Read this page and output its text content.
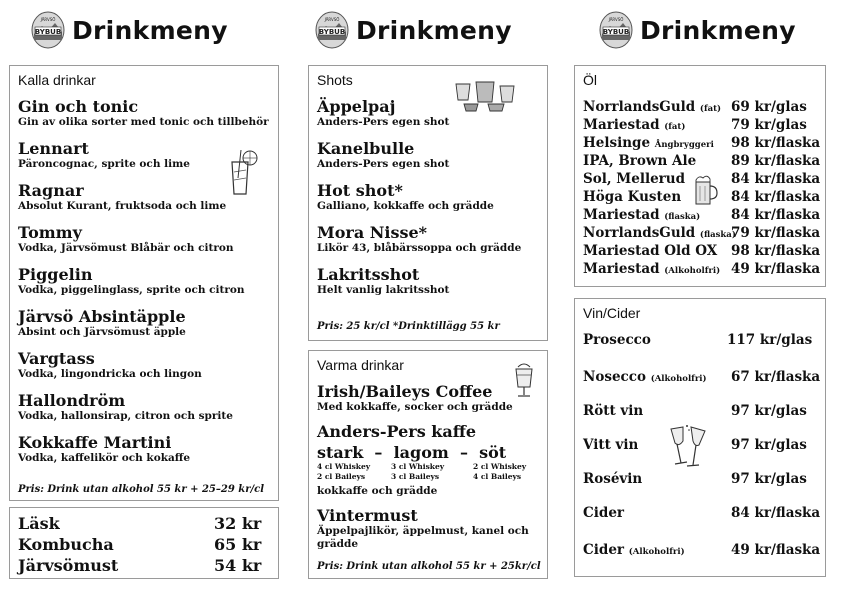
BYBUB
JÄRVSÖ Drinkmeny	BYBUB
JÄRVSÖ Drinkmeny	BYBUB
JÄRVSÖ Drinkmeny
Kalla drinkar
Gin och tonic
Gin av olika sorter med tonic och tillbehör
Lennart
Päroncognac, sprite och lime
Ragnar
Absolut Kurant, fruktsoda och lime
Tommy
Vodka, Järvsömust Blåbär och citron
Piggelin
Vodka, piggelinglass, sprite och citron
Järvsö Absintäpple
Absint och Järvsömust äpple
Vargtass
Vodka, lingondricka och lingon
Hallondröm
Vodka, hallonsirap, citron och sprite
Kokkaffe Martini
Vodka, kaffelikör och kokaffe
Pris: Drink utan alkohol 55 kr + 25–29 kr/cl
Läsk	32 kr
Kombucha	65 kr
Järvsömust	54 kr
Shots
Äppelpaj
Anders-Pers egen shot
Kanelbulle
Anders-Pers egen shot
Hot shot*
Galliano, kokkaffe och grädde
Mora Nisse*
Likör 43, blåbärssoppa och grädde
Lakritsshot
Helt vanlig lakritsshot
Pris: 25 kr/cl *Drinktillägg 55 kr
Varma drinkar
Irish/Baileys Coffee
Med kokkaffe, socker och grädde
Anders-Pers kaffe
stark  –  lagom  –  söt
4 cl Whiskey
2 cl Baileys
3 cl Whiskey
3 cl Baileys
2 cl Whiskey
4 cl Baileys
kokkaffe och grädde
Vintermust
Äppelpajlikör, äppelmust, kanel och
grädde
Pris: Drink utan alkohol 55 kr + 25kr/cl
Öl
NorrlandsGuld (fat) 69 kr/glas
Mariestad (fat)	79 kr/glas
Helsinge Ångbryggeri 98 kr/flaska
IPA, Brown Ale	89 kr/flaska
Sol, Mellerud	84 kr/flaska
Höga Kusten	84 kr/flaska
Mariestad (flaska) 84 kr/flaska
NorrlandsGuld (flaska)
79 kr/flaska
Mariestad Old OX 98 kr/flaska
Mariestad (Alkoholfri) 49 kr/flaska
Vin/Cider
Prosecco	117 kr/glas
Nosecco (Alkoholfri) 67 kr/flaska
Rött vin	97 kr/glas
Vitt vin	97 kr/glas
Rosévin	97 kr/glas
Cider	84 kr/flaska
Cider (Alkoholfri)	49 kr/flaska
